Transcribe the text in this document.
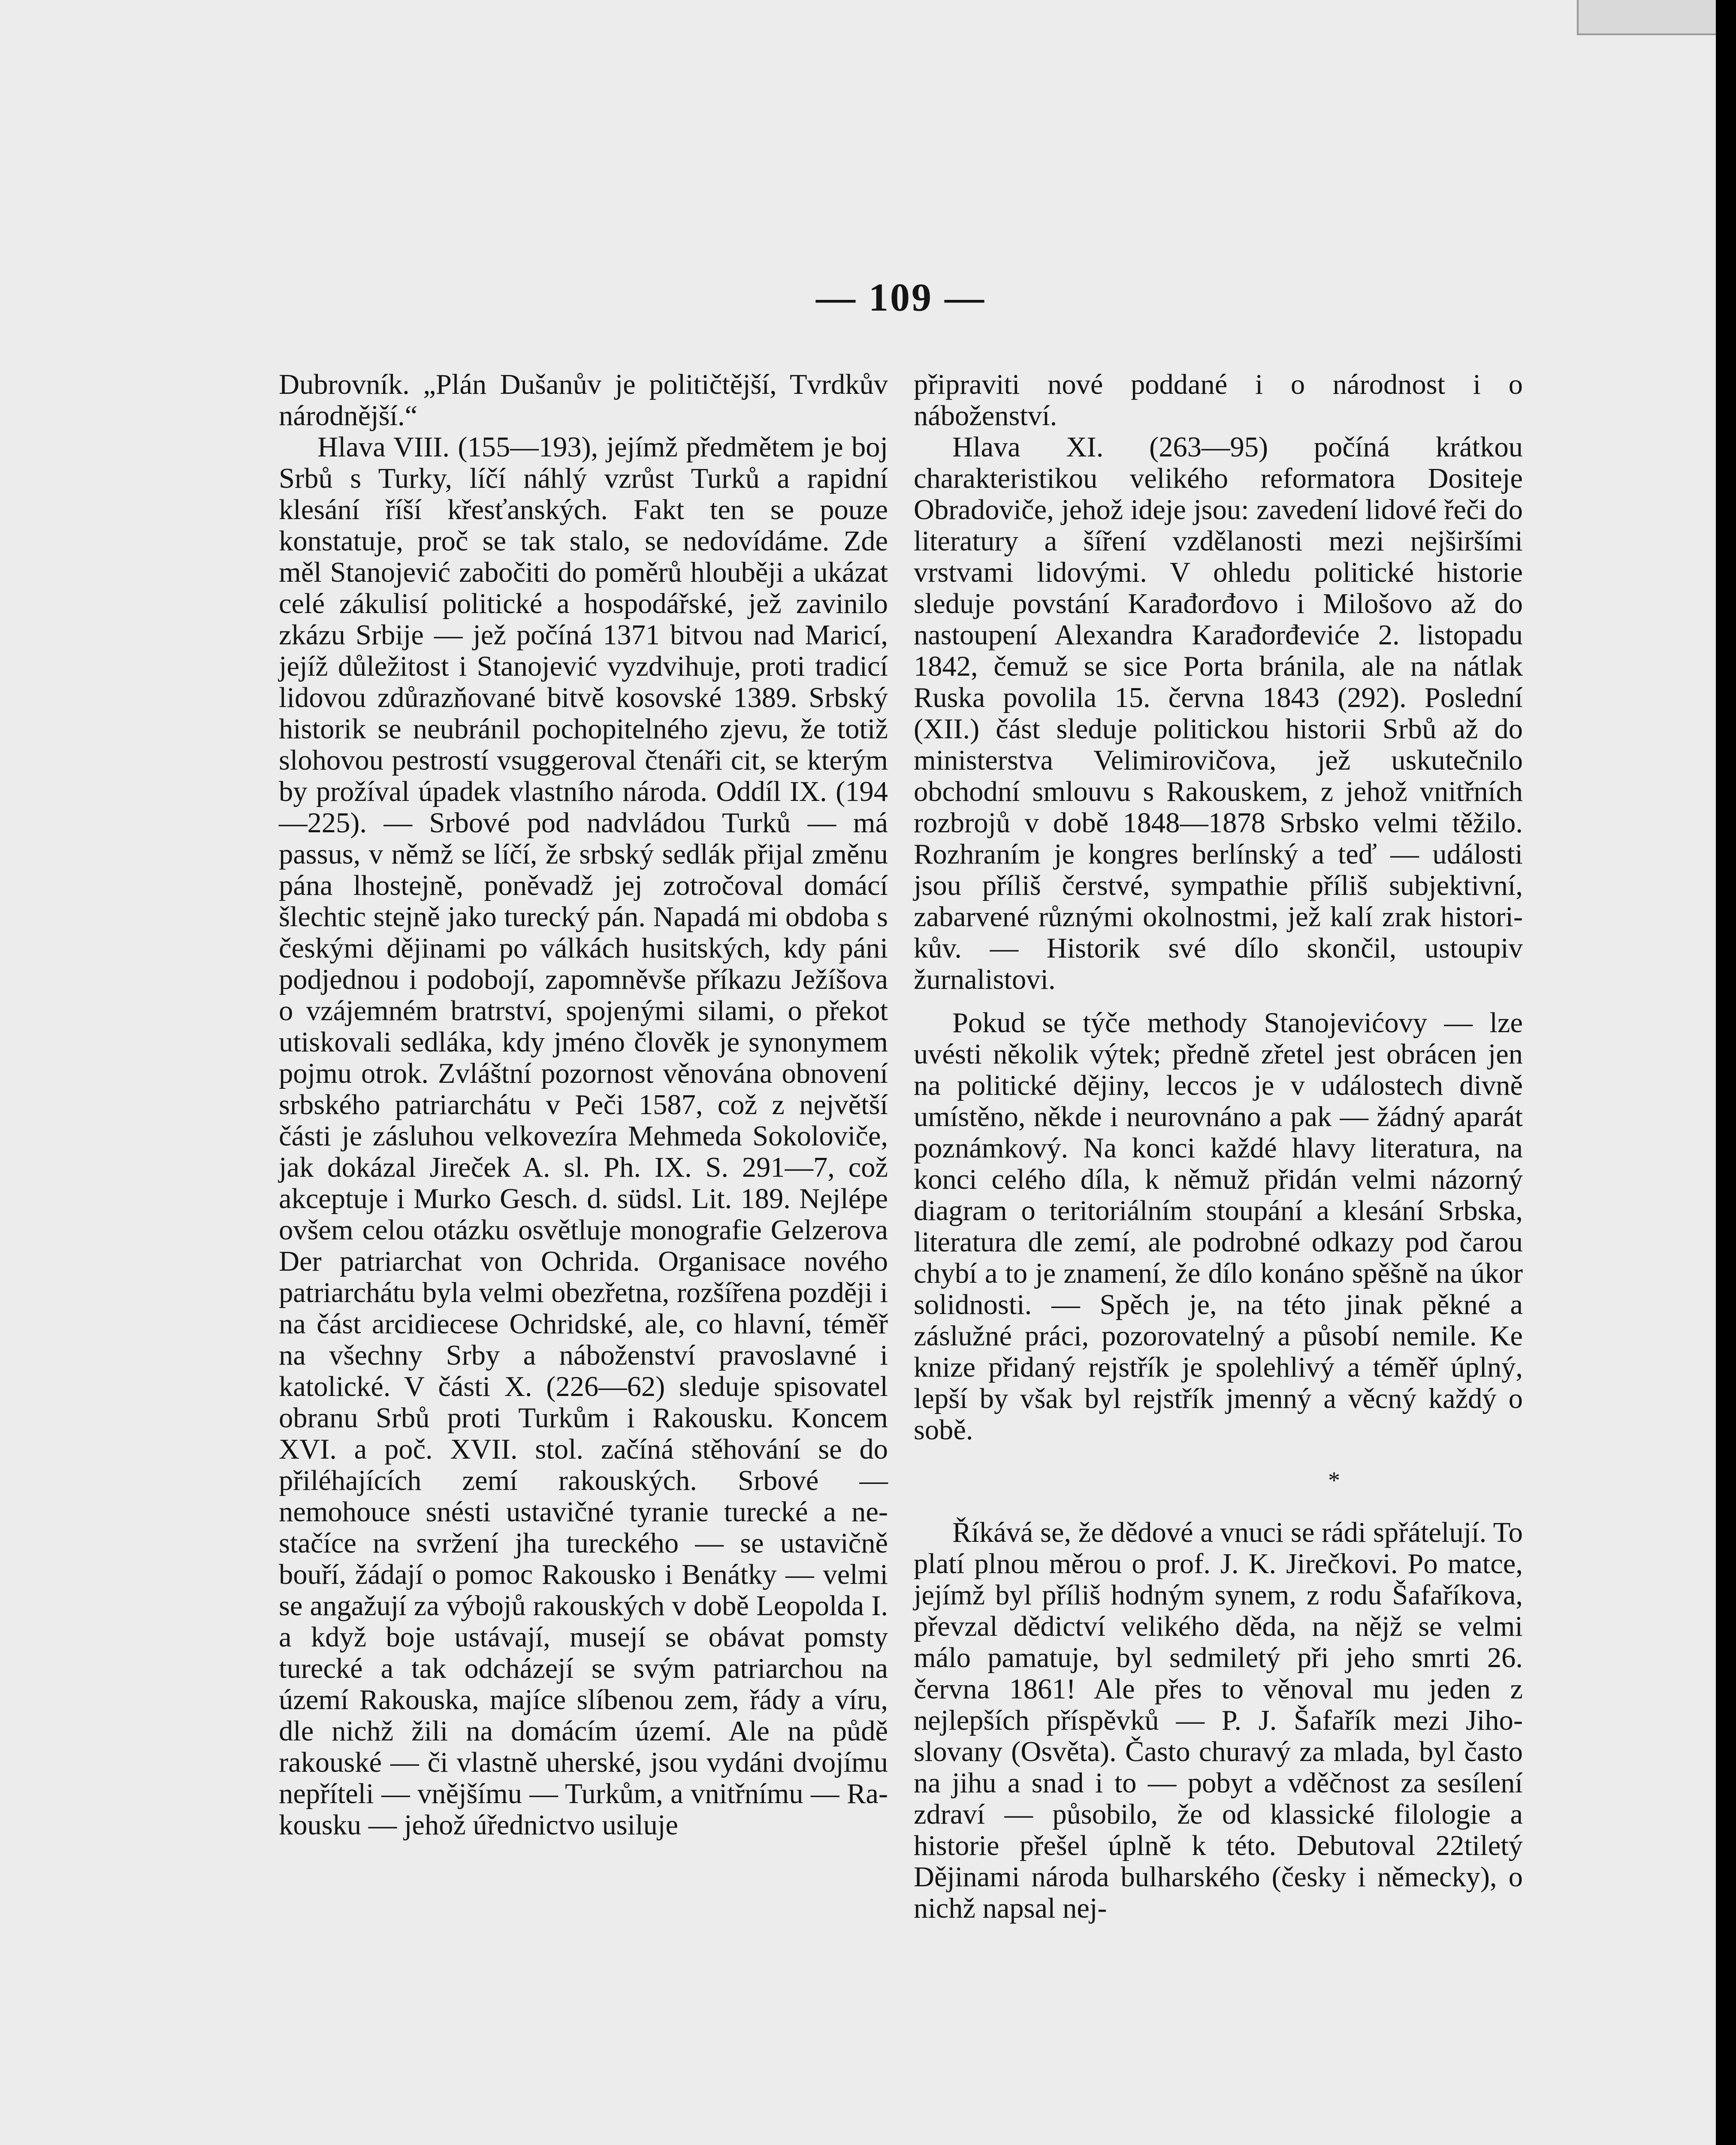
— 109 —

Dubrovník. „Plán Dušanův je političtější, Tvrdkův národnější.“

Hlava VIII. (155—193), jejímž předmětem je boj Srbů s Turky, líčí náhlý vzrůst Turků a rapidní klesání říší křesťanských. Fakt ten se pouze konstatuje, proč se tak stalo, se nedovídáme. Zde měl Stanojević zabočiti do poměrů hlouběji a ukázat celé zákulisí politické a hospodářské, jež zavinilo zkázu Srbije — jež počíná 1371 bitvou nad Maricí, jejíž důležitost i Stanojević vyzdvihuje, proti tradicí lidovou zdůrazňované bitvě kosovské 1389. Srbský historik se neubránil pochopitelného zjevu, že totiž slohovou pestrostí vsuggeroval čtenáři cit, se kterým by prožíval úpadek vlastního národa. Oddíl IX. (194—225). — Srbové pod nadvládou Turků — má passus, v němž se líčí, že srbský sedlák přijal změnu pána lhostejně, poněvadž jej zotročoval domácí šlechtic stejně jako turecký pán. Napadá mi obdoba s českými dějinami po válkách husitských, kdy páni podjednou i podobojí, zapomněvše příkazu Ježíšova o vzájemném bratrství, spojenými silami, o překot utiskovali sedláka, kdy jméno člověk je synonymem pojmu otrok. Zvláštní pozornost věnována obnovení srbského patriarchátu v Peči 1587, což z největší části je zásluhou velkovezíra Mehmeda Sokoloviče, jak dokázal Jireček A. sl. Ph. IX. S. 291—7, což akceptuje i Murko Gesch. d. südsl. Lit. 189. Nejlépe ovšem celou otázku osvětluje monografie Gelzerova Der patriarchat von Ochrida. Organisace nového patriarchátu byla velmi obezřetna, rozšířena později i na část arcidiecese Ochridské, ale, co hlavní, téměř na všechny Srby a náboženství pravoslavné i katolické. V části X. (226—62) sleduje spisovatel obranu Srbů proti Turkům i Rakousku. Koncem XVI. a poč. XVII. stol. začíná stěhování se do přiléhajících zemí rakouských. Srbové — nemohouce snésti ustavičné tyranie turecké a nestačíce na svržení jha tureckého — se ustavičně bouří, žádají o pomoc Rakousko i Benátky — velmi se angažují za výbojů rakouských v době Leopolda I. a když boje ustávají, musejí se obávat pomsty turecké a tak odcházejí se svým patriarchou na území Rakouska, majíce slíbenou zem, řády a víru, dle nichž žili na domácím území. Ale na půdě rakouské — či vlastně uherské, jsou vydáni dvojímu nepříteli — vnějšímu — Turkům, a vnitřnímu — Rakousku — jehož úřednictvo usiluje

připraviti nové poddané i o národnost i o náboženství.

Hlava XI. (263—95) počíná krátkou charakteristikou velikého reformatora Dositeje Obradoviče, jehož ideje jsou: zavedení lidové řeči do literatury a šíření vzdělanosti mezi nejširšími vrstvami lidovými. V ohledu politické historie sleduje povstání Karađorđovo i Milošovo až do nastoupení Alexandra Karađorđeviće 2. listopadu 1842, čemuž se sice Porta bránila, ale na nátlak Ruska povolila 15. června 1843 (292). Poslední (XII.) část sleduje politickou historii Srbů až do ministerstva Velimirovičova, jež uskutečnilo obchodní smlouvu s Rakouskem, z jehož vnitřních rozbrojů v době 1848—1878 Srbsko velmi těžilo. Rozhraním je kongres berlínský a teď — události jsou příliš čerstvé, sympathie příliš subjektivní, zabarvené různými okolnostmi, jež kalí zrak historikův. — Historik své dílo skončil, ustoupiv žurnalistovi.

Pokud se týče methody Stanojevićovy — lze uvésti několik výtek; předně zřetel jest obrácen jen na politické dějiny, leccos je v událostech divně umístěno, někde i neurovnáno a pak — žádný aparát poznámkový. Na konci každé hlavy literatura, na konci celého díla, k němuž přidán velmi názorný diagram o teritoriálním stoupání a klesání Srbska, literatura dle zemí, ale podrobné odkazy pod čarou chybí a to je znamení, že dílo konáno spěšně na úkor solidnosti. — Spěch je, na této jinak pěkné a záslužné práci, pozorovatelný a působí nemile. Ke knize přidaný rejstřík je spolehlivý a téměř úplný, lepší by však byl rejstřík jmenný a věcný každý o sobě.

*

Říkává se, že dědové a vnuci se rádi spřátelují. To platí plnou měrou o prof. J. K. Jirečkovi. Po matce, jejímž byl příliš hodným synem, z rodu Šafaříkova, převzal dědictví velikého děda, na nějž se velmi málo pamatuje, byl sedmiletý při jeho smrti 26. června 1861! Ale přes to věnoval mu jeden z nejlepších příspěvků — P. J. Šafařík mezi Jihoslovany (Osvěta). Často churavý za mlada, byl často na jihu a snad i to — pobyt a vděčnost za sesílení zdraví — působilo, že od klassické filologie a historie přešel úplně k této. Debutoval 22tiletý Dějinami národa bulharského (česky i německy), o nichž napsal nej-
